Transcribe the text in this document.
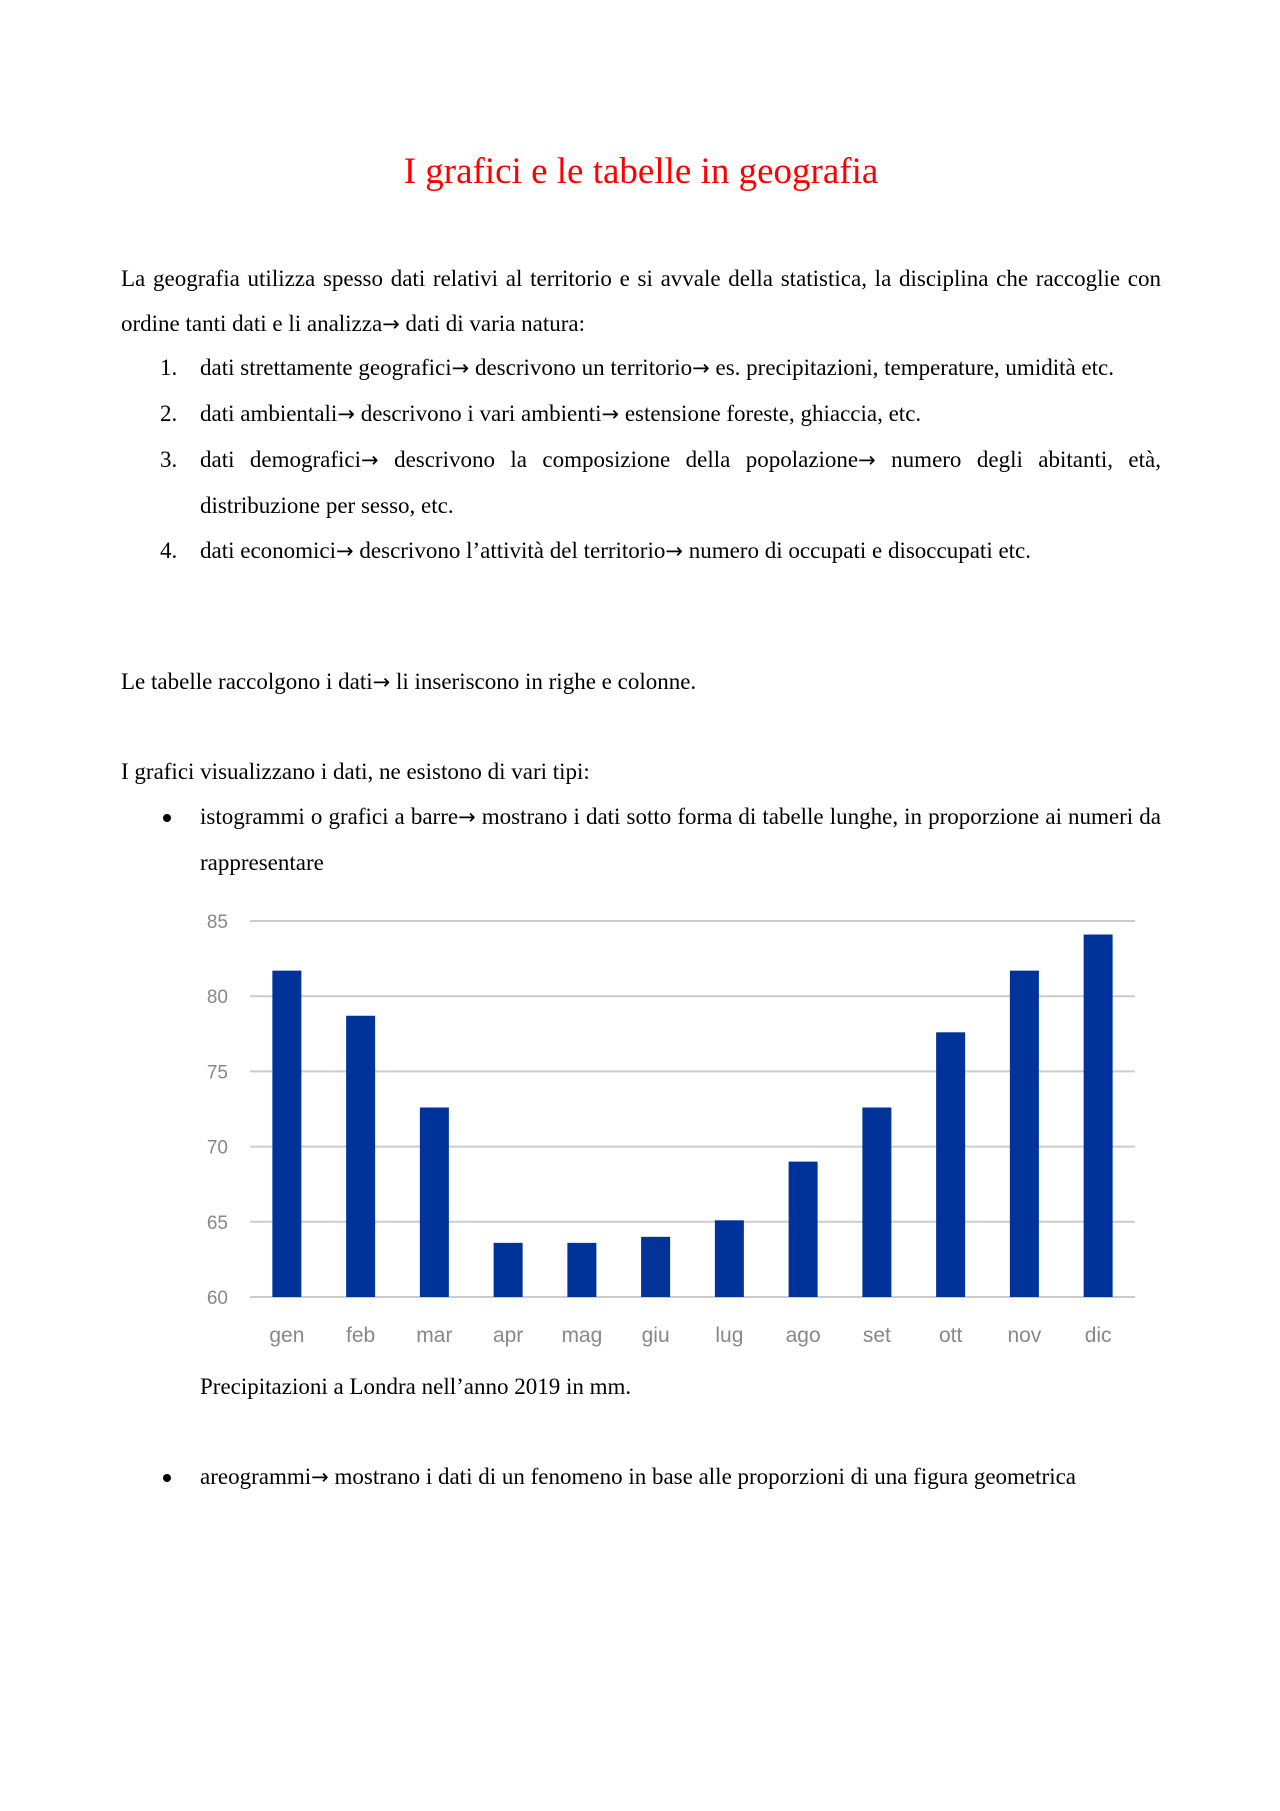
I grafici e le tabelle in geografia

La geografia utilizza spesso dati relativi al territorio e si avvale della statistica, la disciplina che raccoglie con ordine tanti dati e li analizza→ dati di varia natura:

1. dati strettamente geografici→ descrivono un territorio→ es. precipitazioni, temperature, umidità etc.
2. dati ambientali→ descrivono i vari ambienti→ estensione foreste, ghiaccia, etc.
3. dati demografici→ descrivono la composizione della popolazione→ numero degli abitanti, età, distribuzione per sesso, etc.
4. dati economici→ descrivono l’attività del territorio→ numero di occupati e disoccupati etc.

Le tabelle raccolgono i dati→ li inseriscono in righe e colonne.

I grafici visualizzano i dati, ne esistono di vari tipi:

istogrammi o grafici a barre→ mostrano i dati sotto forma di tabelle lunghe, in proporzione ai numeri da rappresentare
areogrammi→ mostrano i dati di un fenomeno in base alle proporzioni di una figura geometrica
60
65
70
75
80
85
gen feb mar apr mag giu lug ago set ott nov dic
Precipitazioni a Londra nell’anno 2019 in mm.
